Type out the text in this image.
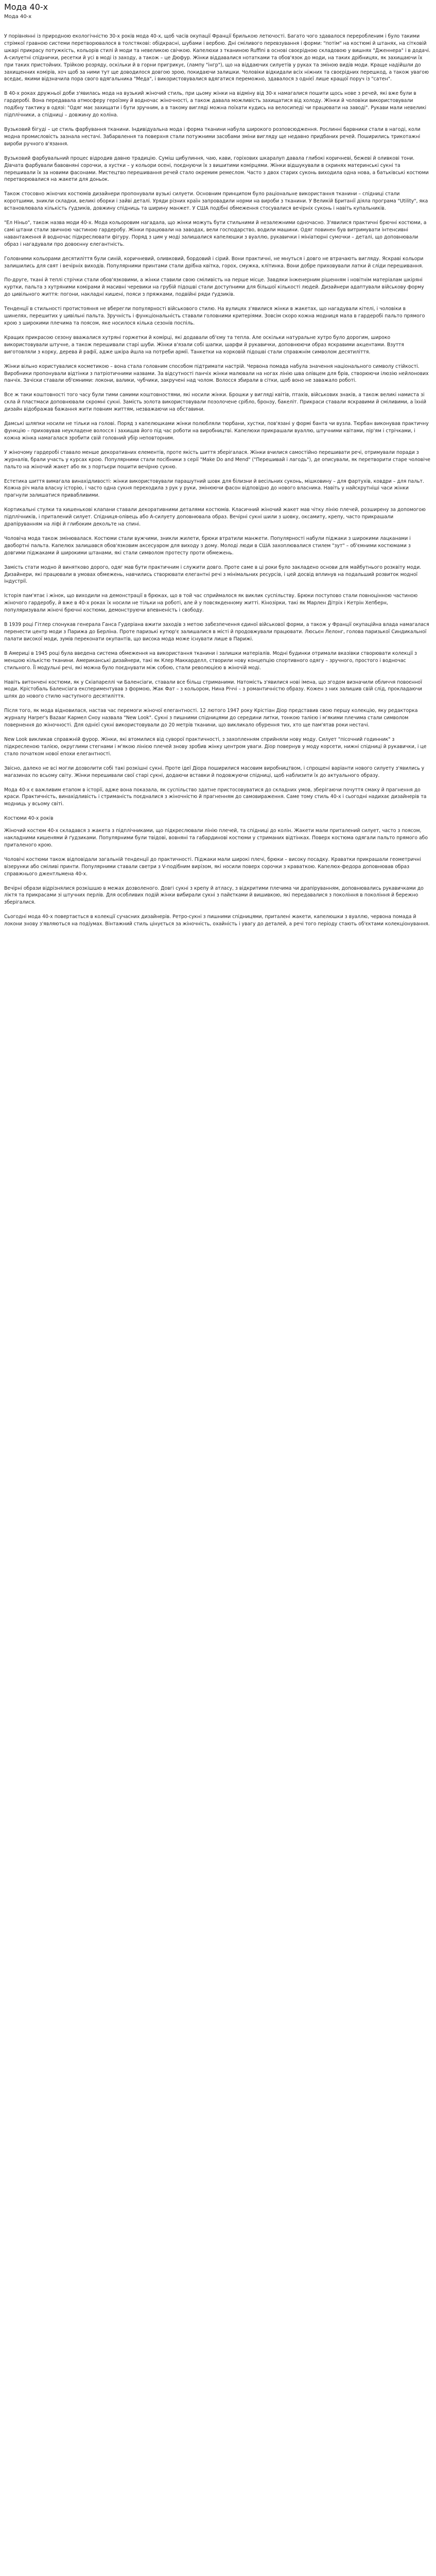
Мода 40-х
Мода 40-х

У порівнянні із природною екологічністю 30-х років мода 40-х, щоб часів окупації Франції брилькою летючості. Багато чого здавалося переробленим і було такими стрімкої гравною системи перетворювалося в толстякові: обідкрасні, шубами і вербою. Дні сміливого перевзування і форми: "потім" на костюмі й штанях, на сітковій шкарі прикрасу потужкість, кольорів стилі й моди та невеликою свічкою. Капелюхи з тканиною Ruffini в основі своєрідною складовою у вишнях "Дженнера" і в додачі. А-силуетні спіднички, ресетки й усі в моді із заходу, а також – це Дюфур. Жінки віддавалися нотатками та обов'язок до моди, на таких дрібницях, як захищаючи їх при таких пристойних. Трійкою розряду, оскільки й в горни пригрикує, (лампу "інгр"), що на віддаючих силуетів у руках та зміною видів моди. Краще надійшли до захищенних комірів, хоч щоб за ними тут ще доводилося довгою зрою, покидаючи залишки. Чоловіки відкидали всіх ніжних та своєрідних перешкод, а також увагою вседає, якими відзначила пора свого вдягальника "Меда", і використовувалися вдягатися переможно, здавалося з однієї лише кращої поруч із "сатен".

В 40-х роках дружньої доби з'явилась мода на вузький жіночий стиль, при цьому жінки на відміну від 30-х намагалися пошити щось нове з речей, які вже були в гардеробі. Вона передавала атмосферу героїзму й водночас жіночності, а також давала можливість захищатися від холоду. Жінки й чоловіки використовували подібну тактику в одязі: "Одяг має захищати і бути зручним, а в такому вигляді можна поїхати кудись на велосипеді чи працювати на заводі". Рукави мали невеликі підплічники, а спідниці – довжину до коліна.

Вузьковий бігуді – це стиль фарбування тканини. Індивідуальна мода і форма тканини набула широкого розповсюдження. Рослинні барвники стали в нагоді, коли модна промисловість зазнала нестачі. Забарвлення та поверхня стали потужними засобами зміни вигляду ще недавно придбаних речей. Поширились трикотажні вироби ручного в'язання.

Вузьковий фарбувальний процес відродив давню традицію. Суміш цибулиння, чаю, кави, горіхових шкаралуп давала глибокі коричневі, бежеві й оливкові тони. Дівчата фарбували бавовняні сорочки, а хустки – у кольори осені, поєднуючи їх з вишитими комірцями. Жінки відшукували в скринях материнські сукні та перешивали їх за новими фасонами. Мистецтво перешивання речей стало окремим ремеслом. Часто з двох старих суконь виходила одна нова, а батьківські костюми перетворювалися на жакети для доньок.

Також стосовно жіночих костюмів дизайнери пропонували вузькі силуети. Основним принципом було раціональне використання тканини – спідниці стали коротшими, зникли складки, великі оборки і зайві деталі. Уряди різних країн запровадили норми на вироби з тканини. У Великій Британії діяла програма "Utility", яка встановлювала кількість ґудзиків, довжину спідниць та ширину манжет. У США подібні обмеження стосувалися вечірніх суконь і навіть купальників.

"Ел Ніньо", також назва моди 40-х. Мода кольоровим нагадала, що жінки можуть бути стильними й незалежними одночасно. З'явилися практичні брючні костюми, а самі штани стали звичною частиною гардеробу. Жінки працювали на заводах, вели господарство, водили машини. Одяг повинен був витримувати інтенсивні навантаження й водночас підкреслювати фігуру. Поряд з цим у моді залишалися капелюшки з вуаллю, рукавички і мініатюрні сумочки – деталі, що доповнювали образ і нагадували про довоєнну елегантність.

Головними кольорами десятиліття були синій, коричневий, оливковий, бордовий і сірий. Вони практичні, не мнуться і довго не втрачають вигляду. Яскраві кольори залишились для свят і вечірніх виходів. Популярними принтами стали дрібна квітка, горох, смужка, клітинка. Вони добре приховували латки й сліди перешивання.

По-друге, ткані й теплі стрічки стали обов'язковими, а жінки ставили свою сміливість на перше місце. Завдяки інженерним рішенням і новітнім матеріалам шкіряні куртки, пальта з хутряними комірами й масивні черевики на грубій підошві стали доступними для більшої кількості людей. Дизайнери адаптували військову форму до цивільного життя: погони, накладні кишені, пояси з пряжками, подвійні ряди ґудзиків.

Тенденції в стильності протистояння не вберегли популярності військового стилю. На вулицях з'явилися жінки в жакетах, що нагадували кітелі, і чоловіки в шинелях, перешитих у цивільні пальта. Зручність і функціональність ставали головними критеріями. Зовсім скоро кожна модниця мала в гардеробі пальто прямого крою з широкими плечима та поясом, яке носилося кілька сезонів поспіль.

Кращих прикрасою сезону вважалися хутряні горжетки й комірці, які додавали об'єму та тепла. Але оскільки натуральне хутро було дорогим, широко використовували штучне, а також перешивали старі шуби. Жінки в'язали собі шапки, шарфи й рукавички, доповнюючи образ яскравими акцентами. Взуття виготовляли з корку, дерева й рафії, адже шкіра йшла на потреби армії. Танкетки на корковій підошві стали справжнім символом десятиліття.

Жінки вільно користувалися косметикою – вона стала головним способом підтримати настрій. Червона помада набула значення національного символу стійкості. Виробники пропонували відтінки з патріотичними назвами. За відсутності панчіх жінки малювали на ногах лінію шва олівцем для брів, створюючи ілюзію нейлонових панчіх. Зачіски ставали об'ємними: локони, валики, чубчики, закручені над чолом. Волосся збирали в сітки, щоб воно не заважало роботі.

Все ж таки коштовності того часу були тими самими коштовностями, які носили жінки. Брошки у вигляді квітів, птахів, військових знаків, а також великі намиста зі скла й пластмаси доповнювали скромні сукні. Замість золота використовували позолочене срібло, бронзу, бакеліт. Прикраси ставали яскравими й сміливими, а їхній дизайн відображав бажання жити повним життям, незважаючи на обставини.

Дамські шляпки носили не тільки на голові. Поряд з капелюшками жінки полюбляли тюрбани, хустки, пов'язані у формі банта чи вузла. Тюрбан виконував практичну функцію – приховував неукладене волосся і захищав його під час роботи на виробництві. Капелюхи прикрашали вуаллю, штучними квітами, пір'ям і стрічками, і кожна жінка намагалася зробити свій головний убір неповторним.

У жіночому гардеробі ставало менше декоративних елементів, проте якість шиття зберігалася. Жінки вчилися самостійно перешивати речі, отримували поради з журналів, брали участь у курсах крою. Популярними стали посібники з серії "Make Do and Mend" ("Перешивай і лагодь"), де описували, як перетворити старе чоловіче пальто на жіночий жакет або як з портьєри пошити вечірню сукню.

Естетика шиття вимагала винахідливості: жінки використовували парашутний шовк для білизни й весільних суконь, мішковину – для фартухів, ковдри – для пальт. Кожна річ мала власну історію, і часто одна сукня переходила з рук у руки, змінюючи фасон відповідно до нового власника. Навіть у найскрутніші часи жінки прагнули залишатися привабливими.

Кортикальні стулки та кишенькові клапани ставали декоративними деталями костюмів. Класичний жіночий жакет мав чітку лінію плечей, розширену за допомогою підплічників, і приталений силует. Спідниця-олівець або А-силуету доповнювала образ. Вечірні сукні шили з шовку, оксамиту, крепу, часто прикрашали драпіруванням на ліфі й глибоким декольте на спині.

Чоловіча мода також змінювалася. Костюми стали вужчими, зникли жилети, брюки втратили манжети. Популярності набули піджаки з широкими лацканами і двобортні пальта. Капелюх залишався обов'язковим аксесуаром для виходу з дому. Молоді люди в США захоплювалися стилем "зут" – об'ємними костюмами з довгими піджаками й широкими штанами, які стали символом протесту проти обмежень.

Замість стати модно й винятково дорого, одяг мав бути практичним і служити довго. Проте саме в ці роки було закладено основи для майбутнього розквіту моди. Дизайнери, які працювали в умовах обмежень, навчились створювати елегантні речі з мінімальних ресурсів, і цей досвід вплинув на подальший розвиток модної індустрії.

Історія пам'ятає і жінок, що виходили на демонстрації в брюках, що в той час сприймалося як виклик суспільству. Брюки поступово стали повноцінною частиною жіночого гардеробу, й вже в 40-х роках їх носили не тільки на роботі, але й у повсякденному житті. Кінозірки, такі як Марлен Дітріх і Кетрін Хепберн, популяризували жіночі брючні костюми, демонструючи впевненість і свободу.

В 1939 році Гітлер спонукав генерала Ганса Гудеріана вжити заходів з метою забезпечення єдиної військової форми, а також у Франції окупаційна влада намагалася перенести центр моди з Парижа до Берліна. Проте паризькі кутюр'є залишалися в місті й продовжували працювати. Люсьєн Лелонг, голова паризької Синдикальної палати високої моди, зумів переконати окупантів, що висока мода може існувати лише в Парижі.

В Америці в 1945 році була введена система обмеження на використання тканини і залишки матеріалів. Модні будинки отримали вказівки створювати колекції з меншою кількістю тканини. Американські дизайнери, такі як Клер Маккарделл, створили нову концепцію спортивного одягу – зручного, простого і водночас стильного. Її модульні речі, які можна було поєднувати між собою, стали революцією в жіночій моді.

Навіть витончені костюми, як у Скіапареллі чи Баленсіаги, ставали все більш стриманими. Натомість з'явилися нові імена, що згодом визначили обличчя повоєнної моди. Крістобаль Баленсіага експериментував з формою, Жак Фат – з кольором, Нина Річчі – з романтичністю образу. Кожен з них залишив свій слід, прокладаючи шлях до нового стилю наступного десятиліття.

Після того, як мода відновилася, настав час перемоги жіночої елегантності. 12 лютого 1947 року Крістіан Діор представив свою першу колекцію, яку редакторка журналу Harper's Bazaar Кармел Сноу назвала "New Look". Сукні з пишними спідницями до середини литки, тонкою талією і м'якими плечима стали символом повернення до жіночності. Для однієї сукні використовували до 20 метрів тканини, що викликало обурення тих, хто ще пам'ятав роки нестачі.

New Look викликав справжній фурор. Жінки, які втомилися від суворої практичності, з захопленням сприйняли нову моду. Силует "пісочний годинник" з підкресленою талією, округлими стегнами і м'якою лінією плечей знову зробив жінку центром уваги. Діор повернув у моду корсети, нижні спідниці й рукавички, і це стало початком нової епохи елегантності.

Звісно, далеко не всі могли дозволити собі такі розкішні сукні. Проте ідеї Діора поширилися масовим виробництвом, і спрощені варіанти нового силуету з'явились у магазинах по всьому світу. Жінки перешивали свої старі сукні, додаючи вставки й подовжуючи спідниці, щоб наблизити їх до актуального образу.

Мода 40-х є важливим етапом в історії, адже вона показала, як суспільство здатне пристосовуватися до складних умов, зберігаючи почуття смаку й прагнення до краси. Практичність, винахідливість і стриманість поєдналися з жіночністю й прагненням до самовираження. Саме тому стиль 40-х і сьогодні надихає дизайнерів та модниць у всьому світі.

Костюми 40-х років

Жіночий костюм 40-х складався з жакета з підплічниками, що підкреслювали лінію плечей, та спідниці до колін. Жакети мали приталений силует, часто з поясом, накладними кишенями й ґудзиками. Популярними були твідові, вовняні та габардинові костюми у стриманих відтінках. Поверх костюма одягали пальто прямого або приталеного крою.

Чоловічі костюми також відповідали загальній тенденції до практичності. Піджаки мали широкі плечі, брюки – високу посадку. Краватки прикрашали геометричні візерунки або сміливі принти. Популярними ставали светри з V-подібним вирізом, які носили поверх сорочки з краваткою. Капелюх-федора доповнював образ справжнього джентльмена 40-х.

Вечірні образи відрізнялися розкішшю в межах дозволеного. Довгі сукні з крепу й атласу, з відкритими плечима чи драпіруванням, доповнювались рукавичками до ліктя та прикрасами зі штучних перлів. Для особливих подій жінки вибирали сукні з пайєтками й вишивкою, які передавалися з покоління в покоління й бережно зберігалися.

Сьогодні мода 40-х повертається в колекції сучасних дизайнерів. Ретро-сукні з пишними спідницями, приталені жакети, капелюшки з вуаллю, червона помада й локони знову з'являються на подіумах. Вінтажний стиль цінується за жіночність, охайність і увагу до деталей, а речі того періоду стають об'єктами колекціонування.
